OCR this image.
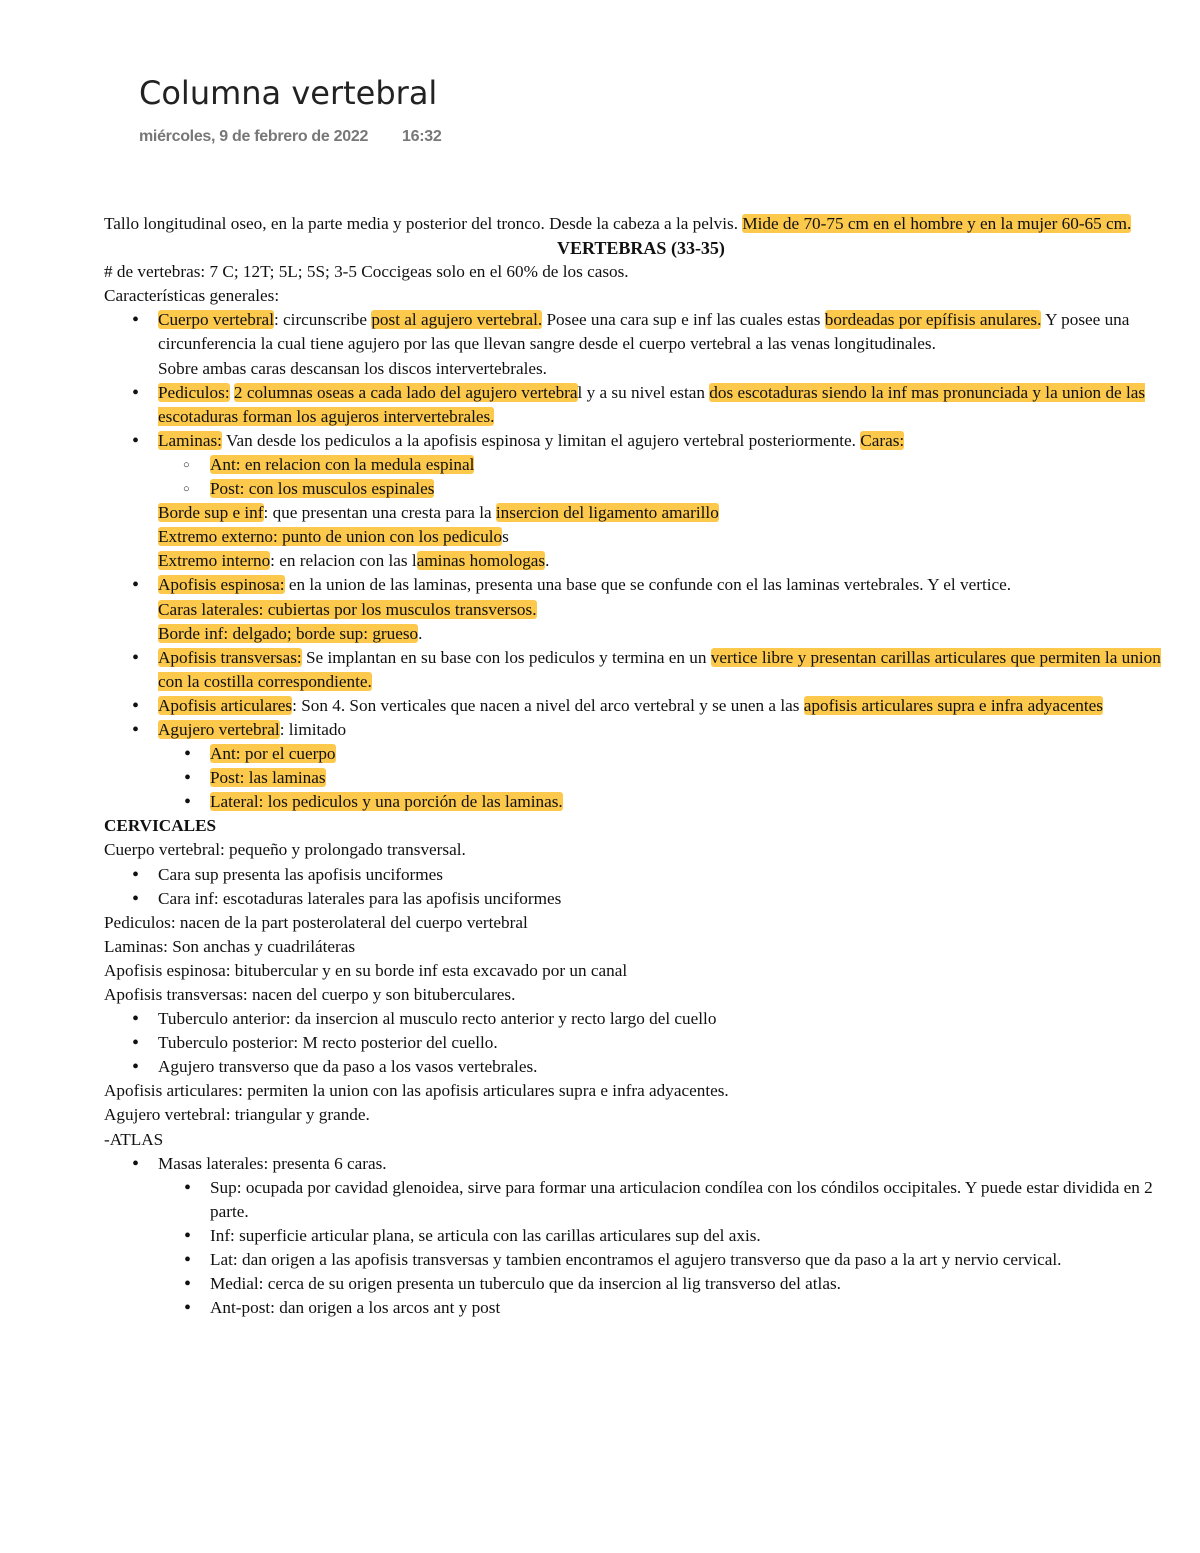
Columna vertebral
miércoles, 9 de febrero de 2022 16:32
Tallo longitudinal oseo, en la parte media y posterior del tronco. Desde la cabeza a la pelvis. Mide de 70-75 cm en el hombre y en la mujer 60-65 cm.
VERTEBRAS (33-35)
# de vertebras: 7 C; 12T; 5L; 5S; 3-5 Coccigeas solo en el 60% de los casos.
Características generales:
• Cuerpo vertebral: circunscribe post al agujero vertebral. Posee una cara sup e inf las cuales estas bordeadas por epífisis anulares. Y posee una circunferencia la cual tiene agujero por las que llevan sangre desde el cuerpo vertebral a las venas longitudinales.
Sobre ambas caras descansan los discos intervertebrales.
• Pediculos: 2 columnas oseas a cada lado del agujero vertebral y a su nivel estan dos escotaduras siendo la inf mas pronunciada y la union de las escotaduras forman los agujeros intervertebrales.
• Laminas: Van desde los pediculos a la apofisis espinosa y limitan el agujero vertebral posteriormente. Caras:
○ Ant: en relacion con la medula espinal
○ Post: con los musculos espinales
Borde sup e inf: que presentan una cresta para la insercion del ligamento amarillo
Extremo externo: punto de union con los pediculos
Extremo interno: en relacion con las laminas homologas.
• Apofisis espinosa: en la union de las laminas, presenta una base que se confunde con el las laminas vertebrales. Y el vertice.
Caras laterales: cubiertas por los musculos transversos.
Borde inf: delgado; borde sup: grueso.
• Apofisis transversas: Se implantan en su base con los pediculos y termina en un vertice libre y presentan carillas articulares que permiten la union con la costilla correspondiente.
• Apofisis articulares: Son 4. Son verticales que nacen a nivel del arco vertebral y se unen a las apofisis articulares supra e infra adyacentes
• Agujero vertebral: limitado
• Ant: por el cuerpo
• Post: las laminas
• Lateral: los pediculos y una porción de las laminas.
CERVICALES
Cuerpo vertebral: pequeño y prolongado transversal.
• Cara sup presenta las apofisis unciformes
• Cara inf: escotaduras laterales para las apofisis unciformes
Pediculos: nacen de la part posterolateral del cuerpo vertebral
Laminas: Son anchas y cuadriláteras
Apofisis espinosa: bitubercular y en su borde inf esta excavado por un canal
Apofisis transversas: nacen del cuerpo y son bituberculares.
• Tuberculo anterior: da insercion al musculo recto anterior y recto largo del cuello
• Tuberculo posterior: M recto posterior del cuello.
• Agujero transverso que da paso a los vasos vertebrales.
Apofisis articulares: permiten la union con las apofisis articulares supra e infra adyacentes.
Agujero vertebral: triangular y grande.
-ATLAS
• Masas laterales: presenta 6 caras.
• Sup: ocupada por cavidad glenoidea, sirve para formar una articulacion condílea con los cóndilos occipitales. Y puede estar dividida en 2 parte.
• Inf: superficie articular plana, se articula con las carillas articulares sup del axis.
• Lat: dan origen a las apofisis transversas y tambien encontramos el agujero transverso que da paso a la art y nervio cervical.
• Medial: cerca de su origen presenta un tuberculo que da insercion al lig transverso del atlas.
• Ant-post: dan origen a los arcos ant y post
